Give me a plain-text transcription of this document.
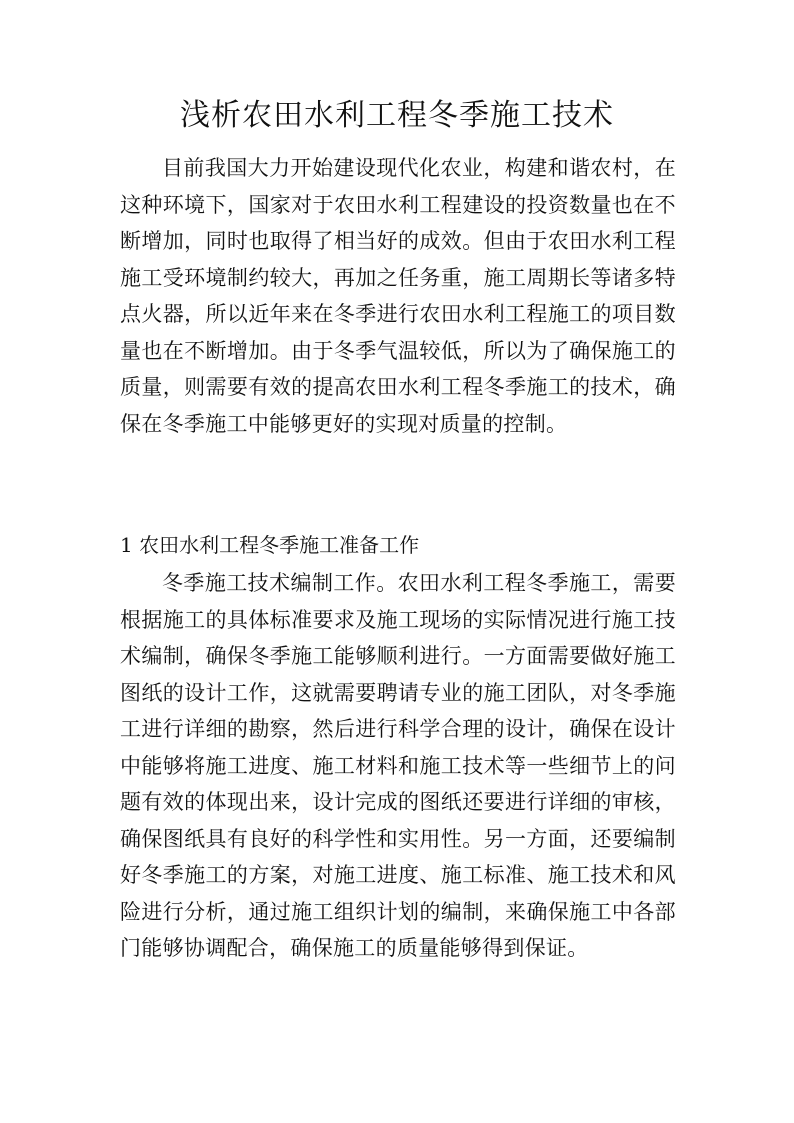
浅析农田水利工程冬季施工技术

目前我国大力开始建设现代化农业，构建和谐农村，在这种环境下，国家对于农田水利工程建设的投资数量也在不断增加，同时也取得了相当好的成效。但由于农田水利工程施工受环境制约较大，再加之任务重，施工周期长等诸多特点火器，所以近年来在冬季进行农田水利工程施工的项目数量也在不断增加。由于冬季气温较低，所以为了确保施工的质量，则需要有效的提高农田水利工程冬季施工的技术，确保在冬季施工中能够更好的实现对质量的控制。

1 农田水利工程冬季施工准备工作

冬季施工技术编制工作。农田水利工程冬季施工，需要根据施工的具体标准要求及施工现场的实际情况进行施工技术编制，确保冬季施工能够顺利进行。一方面需要做好施工图纸的设计工作，这就需要聘请专业的施工团队，对冬季施工进行详细的勘察，然后进行科学合理的设计，确保在设计中能够将施工进度、施工材料和施工技术等一些细节上的问题有效的体现出来，设计完成的图纸还要进行详细的审核，确保图纸具有良好的科学性和实用性。另一方面，还要编制好冬季施工的方案，对施工进度、施工标准、施工技术和风险进行分析，通过施工组织计划的编制，来确保施工中各部门能够协调配合，确保施工的质量能够得到保证。
